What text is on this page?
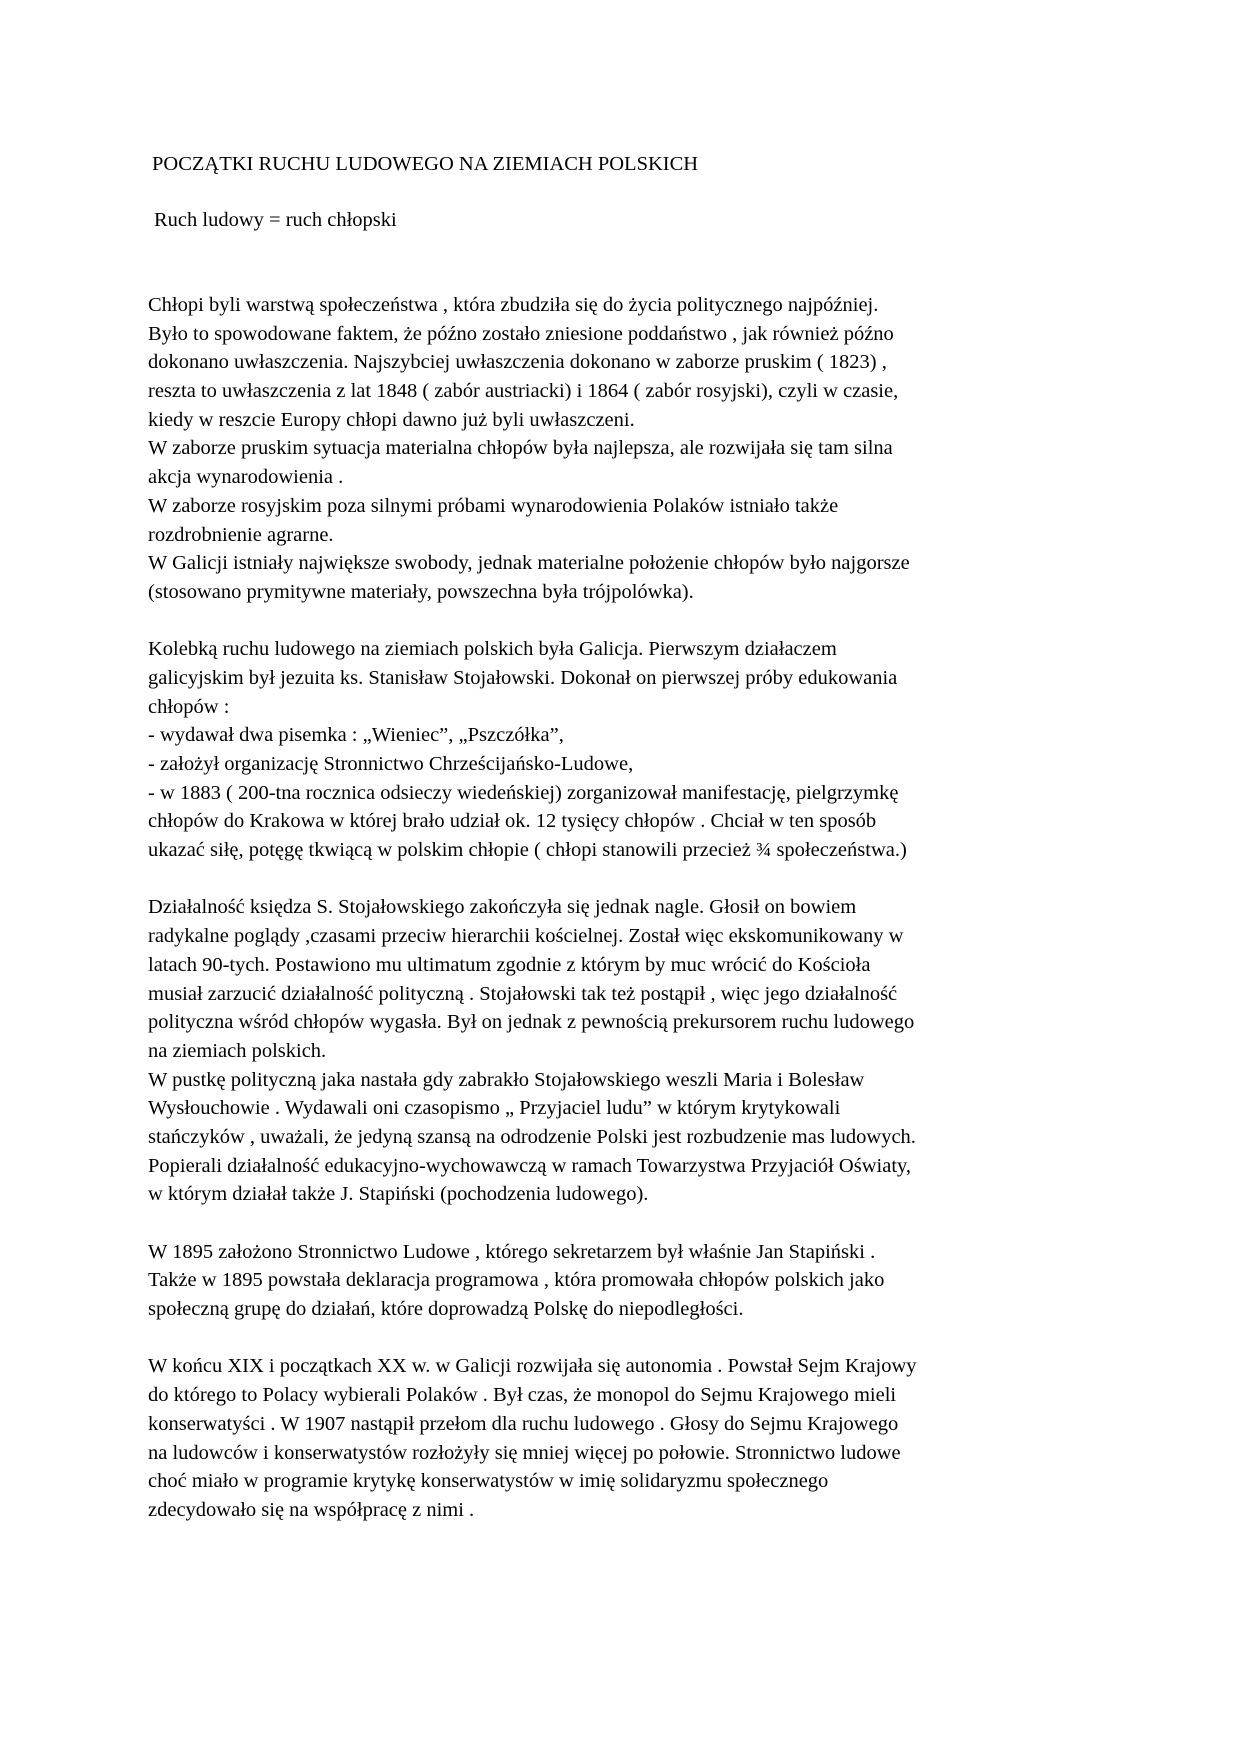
POCZĄTKI RUCHU LUDOWEGO NA ZIEMIACH POLSKICH

Ruch ludowy = ruch chłopski

Chłopi byli warstwą społeczeństwa , która zbudziła się do życia politycznego najpóźniej.
Było to spowodowane faktem, że późno zostało zniesione poddaństwo , jak również późno
dokonano uwłaszczenia. Najszybciej uwłaszczenia dokonano w zaborze pruskim ( 1823) ,
reszta to uwłaszczenia z lat 1848 ( zabór austriacki) i 1864 ( zabór rosyjski), czyli w czasie,
kiedy w reszcie Europy chłopi dawno już byli uwłaszczeni.
W zaborze pruskim sytuacja materialna chłopów była najlepsza, ale rozwijała się tam silna
akcja wynarodowienia .
W zaborze rosyjskim poza silnymi próbami wynarodowienia Polaków istniało także
rozdrobnienie agrarne.
W Galicji istniały największe swobody, jednak materialne położenie chłopów było najgorsze
(stosowano prymitywne materiały, powszechna była trójpolówka).
Kolebką ruchu ludowego na ziemiach polskich była Galicja. Pierwszym działaczem
galicyjskim był jezuita ks. Stanisław Stojałowski. Dokonał on pierwszej próby edukowania
chłopów :
- wydawał dwa pisemka : „Wieniec”, „Pszczółka”,
- założył organizację Stronnictwo Chrześcijańsko-Ludowe,
- w 1883 ( 200-tna rocznica odsieczy wiedeńskiej) zorganizował manifestację, pielgrzymkę
chłopów do Krakowa w której brało udział ok. 12 tysięcy chłopów . Chciał w ten sposób
ukazać siłę, potęgę tkwiącą w polskim chłopie ( chłopi stanowili przecież ¾ społeczeństwa.)
Działalność księdza S. Stojałowskiego zakończyła się jednak nagle. Głosił on bowiem
radykalne poglądy ,czasami przeciw hierarchii kościelnej. Został więc ekskomunikowany w
latach 90-tych. Postawiono mu ultimatum zgodnie z którym by muc wrócić do Kościoła
musiał zarzucić działalność polityczną . Stojałowski tak też postąpił , więc jego działalność
polityczna wśród chłopów wygasła. Był on jednak z pewnością prekursorem ruchu ludowego
na ziemiach polskich.
W pustkę polityczną jaka nastała gdy zabrakło Stojałowskiego weszli Maria i Bolesław
Wysłouchowie . Wydawali oni czasopismo „ Przyjaciel ludu” w którym krytykowali
stańczyków , uważali, że jedyną szansą na odrodzenie Polski jest rozbudzenie mas ludowych.
Popierali działalność edukacyjno-wychowawczą w ramach Towarzystwa Przyjaciół Oświaty,
w którym działał także J. Stapiński (pochodzenia ludowego).
W 1895 założono Stronnictwo Ludowe , którego sekretarzem był właśnie Jan Stapiński .
Także w 1895 powstała deklaracja programowa , która promowała chłopów polskich jako
społeczną grupę do działań, które doprowadzą Polskę do niepodległości.
W końcu XIX i początkach XX w. w Galicji rozwijała się autonomia . Powstał Sejm Krajowy
do którego to Polacy wybierali Polaków . Był czas, że monopol do Sejmu Krajowego mieli
konserwatyści . W 1907 nastąpił przełom dla ruchu ludowego . Głosy do Sejmu Krajowego
na ludowców i konserwatystów rozłożyły się mniej więcej po połowie. Stronnictwo ludowe
choć miało w programie krytykę konserwatystów w imię solidaryzmu społecznego
zdecydowało się na współpracę z nimi .
